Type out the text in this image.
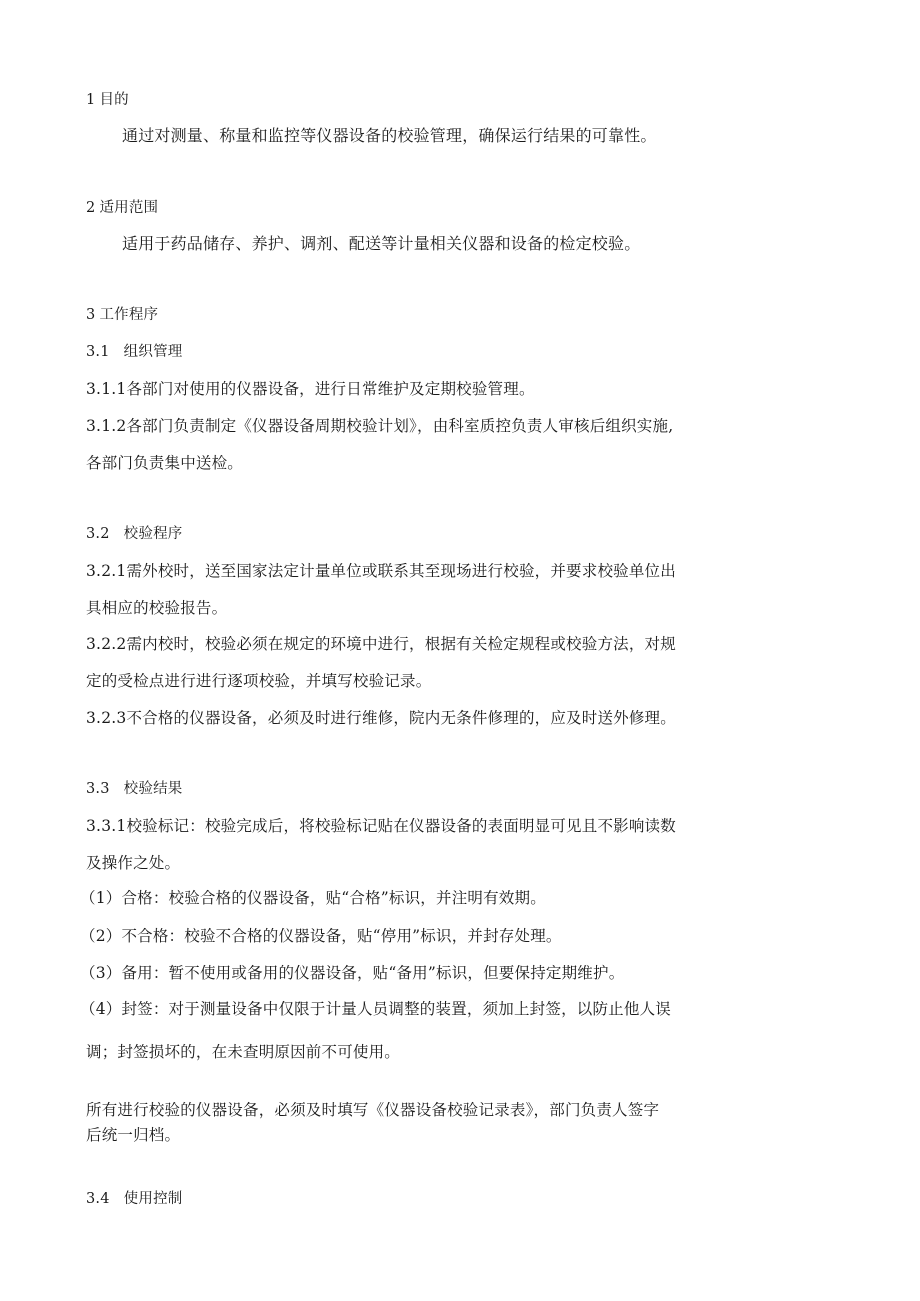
1 目的
通过对测量、称量和监控等仪器设备的校验管理，确保运行结果的可靠性。
2 适用范围
适用于药品储存、养护、调剂、配送等计量相关仪器和设备的检定校验。
3 工作程序
3.1 组织管理
3.1.1各部门对使用的仪器设备，进行日常维护及定期校验管理。
3.1.2各部门负责制定《仪器设备周期校验计划》，由科室质控负责人审核后组织实施,
各部门负责集中送检。
3.2 校验程序
3.2.1需外校时，送至国家法定计量单位或联系其至现场进行校验，并要求校验单位出
具相应的校验报告。
3.2.2需内校时，校验必须在规定的环境中进行，根据有关检定规程或校验方法，对规
定的受检点进行进行逐项校验，并填写校验记录。
3.2.3不合格的仪器设备，必须及时进行维修，院内无条件修理的，应及时送外修理。
3.3 校验结果
3.3.1校验标记：校验完成后，将校验标记贴在仪器设备的表面明显可见且不影响读数
及操作之处。
（1）合格：校验合格的仪器设备，贴“合格”标识，并注明有效期。
（2）不合格：校验不合格的仪器设备，贴“停用”标识，并封存处理。
（3）备用：暂不使用或备用的仪器设备，贴“备用”标识，但要保持定期维护。
（4）封签：对于测量设备中仅限于计量人员调整的装置，须加上封签，以防止他人误
调；封签损坏的，在未查明原因前不可使用。
所有进行校验的仪器设备，必须及时填写《仪器设备校验记录表》，部门负责人签字
后统一归档。
3.4 使用控制
